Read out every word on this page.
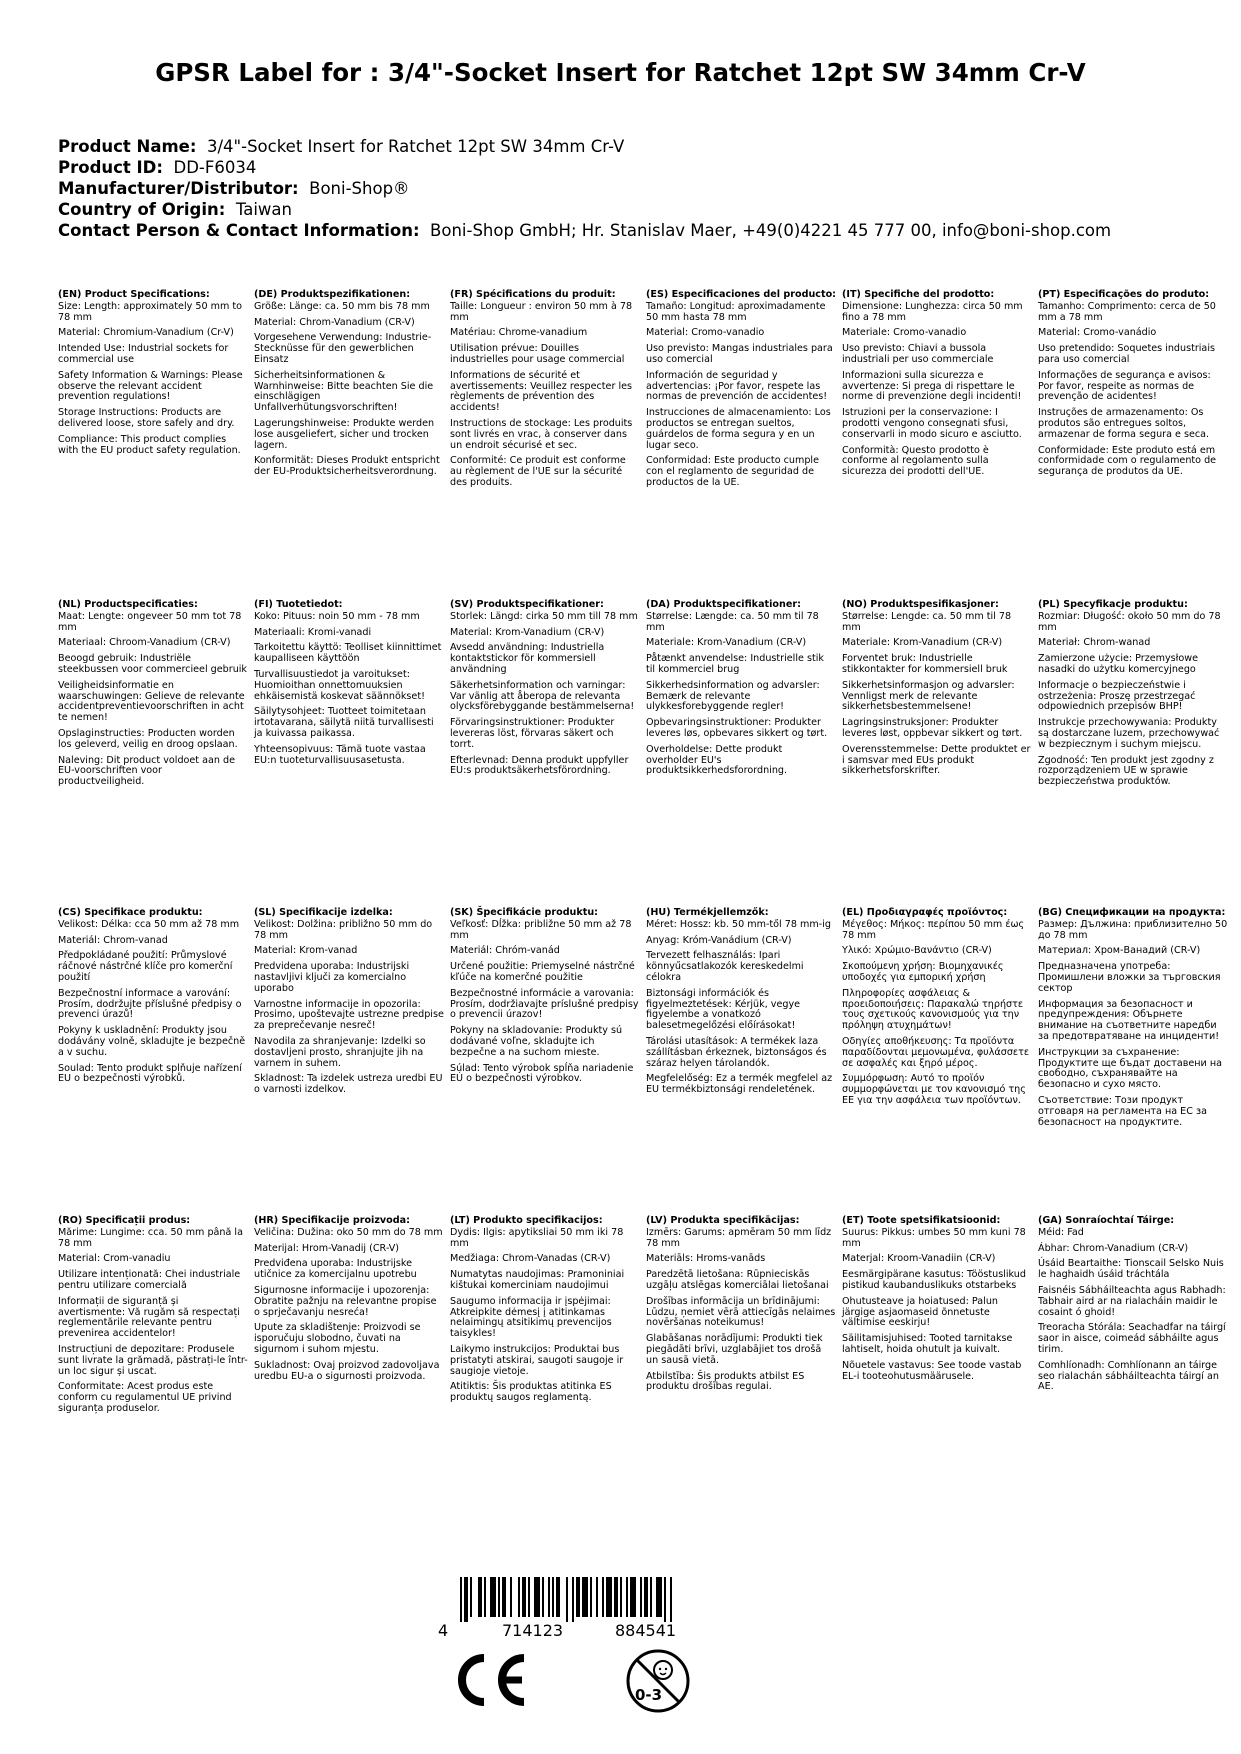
GPSR Label for : 3/4"-Socket Insert for Ratchet 12pt SW 34mm Cr-V
Product Name: 3/4"-Socket Insert for Ratchet 12pt SW 34mm Cr-V
Product ID: DD-F6034
Manufacturer/Distributor: Boni-Shop®
Country of Origin: Taiwan
Contact Person & Contact Information: Boni-Shop GmbH; Hr. Stanislav Maer, +49(0)4221 45 777 00, info@boni-shop.com
(EN) Product Specifications:

Size: Length: approximately 50 mm to 78 mm

Material: Chromium-Vanadium (Cr-V)

Intended Use: Industrial sockets for commercial use

Safety Information & Warnings: Please observe the relevant accident prevention regulations!

Storage Instructions: Products are delivered loose, store safely and dry.

Compliance: This product complies with the EU product safety regulation.

(DE) Produktspezifikationen:

Größe: Länge: ca. 50 mm bis 78 mm

Material: Chrom-Vanadium (CR-V)

Vorgesehene Verwendung: Industrie-Stecknüsse für den gewerblichen Einsatz

Sicherheitsinformationen & Warnhinweise: Bitte beachten Sie die einschlägigen Unfallverhütungsvorschriften!

Lagerungshinweise: Produkte werden lose ausgeliefert, sicher und trocken lagern.

Konformität: Dieses Produkt entspricht der EU-Produktsicherheitsverordnung.

(FR) Spécifications du produit:

Taille: Longueur : environ 50 mm à 78 mm

Matériau: Chrome-vanadium

Utilisation prévue: Douilles industrielles pour usage commercial

Informations de sécurité et avertissements: Veuillez respecter les règlements de prévention des accidents!

Instructions de stockage: Les produits sont livrés en vrac, à conserver dans un endroit sécurisé et sec.

Conformité: Ce produit est conforme au règlement de l'UE sur la sécurité des produits.

(ES) Especificaciones del producto:

Tamaño: Longitud: aproximadamente 50 mm hasta 78 mm

Material: Cromo-vanadio

Uso previsto: Mangas industriales para uso comercial

Información de seguridad y advertencias: ¡Por favor, respete las normas de prevención de accidentes!

Instrucciones de almacenamiento: Los productos se entregan sueltos, guárdelos de forma segura y en un lugar seco.

Conformidad: Este producto cumple con el reglamento de seguridad de productos de la UE.

(IT) Specifiche del prodotto:

Dimensione: Lunghezza: circa 50 mm fino a 78 mm

Materiale: Cromo-vanadio

Uso previsto: Chiavi a bussola industriali per uso commerciale

Informazioni sulla sicurezza e avvertenze: Si prega di rispettare le norme di prevenzione degli incidenti!

Istruzioni per la conservazione: I prodotti vengono consegnati sfusi, conservarli in modo sicuro e asciutto.

Conformità: Questo prodotto è conforme al regolamento sulla sicurezza dei prodotti dell'UE.

(PT) Especificações do produto:

Tamanho: Comprimento: cerca de 50 mm a 78 mm

Material: Cromo-vanádio

Uso pretendido: Soquetes industriais para uso comercial

Informações de segurança e avisos: Por favor, respeite as normas de prevenção de acidentes!

Instruções de armazenamento: Os produtos são entregues soltos, armazenar de forma segura e seca.

Conformidade: Este produto está em conformidade com o regulamento de segurança de produtos da UE.

(NL) Productspecificaties:

Maat: Lengte: ongeveer 50 mm tot 78 mm

Materiaal: Chroom-Vanadium (CR-V)

Beoogd gebruik: Industriële steekbussen voor commercieel gebruik

Veiligheidsinformatie en waarschuwingen: Gelieve de relevante accidentpreventievoorschriften in acht te nemen!

Opslaginstructies: Producten worden los geleverd, veilig en droog opslaan.

Naleving: Dit product voldoet aan de EU-voorschriften voor productveiligheid.

(FI) Tuotetiedot:

Koko: Pituus: noin 50 mm - 78 mm

Materiaali: Kromi-vanadi

Tarkoitettu käyttö: Teolliset kiinnittimet kaupalliseen käyttöön

Turvallisuustiedot ja varoitukset: Huomioithan onnettomuuksien ehkäisemistä koskevat säännökset!

Säilytysohjeet: Tuotteet toimitetaan irtotavarana, säilytä niitä turvallisesti ja kuivassa paikassa.

Yhteensopivuus: Tämä tuote vastaa EU:n tuoteturvallisuusasetusta.

(SV) Produktspecifikationer:

Storlek: Längd: cirka 50 mm till 78 mm

Material: Krom-Vanadium (CR-V)

Avsedd användning: Industriella kontaktstickor för kommersiell användning

Säkerhetsinformation och varningar: Var vänlig att åberopa de relevanta olycksförebyggande bestämmelserna!

Förvaringsinstruktioner: Produkter levereras löst, förvaras säkert och torrt.

Efterlevnad: Denna produkt uppfyller EU:s produktsäkerhetsförordning.

(DA) Produktspecifikationer:

Størrelse: Længde: ca. 50 mm til 78 mm

Materiale: Krom-Vanadium (CR-V)

Påtænkt anvendelse: Industrielle stik til kommerciel brug

Sikkerhedsinformation og advarsler: Bemærk de relevante ulykkesforebyggende regler!

Opbevaringsinstruktioner: Produkter leveres løs, opbevares sikkert og tørt.

Overholdelse: Dette produkt overholder EU's produktsikkerhedsforordning.

(NO) Produktspesifikasjoner:

Størrelse: Lengde: ca. 50 mm til 78 mm

Materiale: Krom-Vanadium (CR-V)

Forventet bruk: Industrielle stikkontakter for kommersiell bruk

Sikkerhetsinformasjon og advarsler: Vennligst merk de relevante sikkerhetsbestemmelsene!

Lagringsinstruksjoner: Produkter leveres løst, oppbevar sikkert og tørt.

Overensstemmelse: Dette produktet er i samsvar med EUs produkt sikkerhetsforskrifter.

(PL) Specyfikacje produktu:

Rozmiar: Długość: około 50 mm do 78 mm

Materiał: Chrom-wanad

Zamierzone użycie: Przemysłowe nasadki do użytku komercyjnego

Informacje o bezpieczeństwie i ostrzeżenia: Proszę przestrzegać odpowiednich przepisów BHP!

Instrukcje przechowywania: Produkty są dostarczane luzem, przechowywać w bezpiecznym i suchym miejscu.

Zgodność: Ten produkt jest zgodny z rozporządzeniem UE w sprawie bezpieczeństwa produktów.

(CS) Specifikace produktu:

Velikost: Délka: cca 50 mm až 78 mm

Materiál: Chrom-vanad

Předpokládané použití: Průmyslové ráčnové nástrčné klíče pro komerční použití

Bezpečnostní informace a varování: Prosím, dodržujte příslušné předpisy o prevenci úrazů!

Pokyny k uskladnění: Produkty jsou dodávány volně, skladujte je bezpečně a v suchu.

Soulad: Tento produkt splňuje nařízení EU o bezpečnosti výrobků.

(SL) Specifikacije izdelka:

Velikost: Dolžina: približno 50 mm do 78 mm

Material: Krom-vanad

Predvidena uporaba: Industrijski nastavljivi ključi za komercialno uporabo

Varnostne informacije in opozorila: Prosimo, upoštevajte ustrezne predpise za preprečevanje nesreč!

Navodila za shranjevanje: Izdelki so dostavljeni prosto, shranjujte jih na varnem in suhem.

Skladnost: Ta izdelek ustreza uredbi EU o varnosti izdelkov.

(SK) Špecifikácie produktu:

Veľkosť: Dĺžka: približne 50 mm až 78 mm

Materiál: Chróm-vanád

Určené použitie: Priemyselné nástrčné kľúče na komerčné použitie

Bezpečnostné informácie a varovania: Prosím, dodržiavajte príslušné predpisy o prevencii úrazov!

Pokyny na skladovanie: Produkty sú dodávané voľne, skladujte ich bezpečne a na suchom mieste.

Súlad: Tento výrobok spĺňa nariadenie EÚ o bezpečnosti výrobkov.

(HU) Termékjellemzők:

Méret: Hossz: kb. 50 mm-től 78 mm-ig

Anyag: Króm-Vanádium (CR-V)

Tervezett felhasználás: Ipari könnyűcsatlakozók kereskedelmi célokra

Biztonsági információk és figyelmeztetések: Kérjük, vegye figyelembe a vonatkozó balesetmegelőzési előírásokat!

Tárolási utasítások: A termékek laza szállításban érkeznek, biztonságos és száraz helyen tárolandók.

Megfelelőség: Ez a termék megfelel az EU termékbiztonsági rendeletének.

(EL) Προδιαγραφές προϊόντος:

Μέγεθος: Μήκος: περίπου 50 mm έως 78 mm

Υλικό: Χρώμιο-Βανάντιο (CR-V)

Σκοπούμενη χρήση: Βιομηχανικές υποδοχές για εμπορική χρήση

Πληροφορίες ασφάλειας & προειδοποιήσεις: Παρακαλώ τηρήστε τους σχετικούς κανονισμούς για την πρόληψη ατυχημάτων!

Οδηγίες αποθήκευσης: Τα προϊόντα παραδίδονται μεμονωμένα, φυλάσσετε σε ασφαλές και ξηρό μέρος.

Συμμόρφωση: Αυτό το προϊόν συμμορφώνεται με τον κανονισμό της ΕΕ για την ασφάλεια των προϊόντων.

(BG) Спецификации на продукта:

Размер: Дължина: приблизително 50 до 78 mm

Материал: Хром-Ванадий (CR-V)

Предназначена употреба: Промишлени вложки за търговския сектор

Информация за безопасност и предупреждения: Обърнете внимание на съответните наредби за предотвратяване на инциденти!

Инструкции за съхранение: Продуктите ще бъдат доставени на свободно, съхранявайте на безопасно и сухо място.

Съответствие: Този продукт отговаря на регламента на ЕС за безопасност на продуктите.

(RO) Specificații produs:

Mărime: Lungime: cca. 50 mm până la 78 mm

Material: Crom-vanadiu

Utilizare intenționată: Chei industriale pentru utilizare comercială

Informații de siguranță și avertismente: Vă rugăm să respectați reglementările relevante pentru prevenirea accidentelor!

Instrucțiuni de depozitare: Produsele sunt livrate la grămadă, păstrați-le într-un loc sigur și uscat.

Conformitate: Acest produs este conform cu regulamentul UE privind siguranța produselor.

(HR) Specifikacije proizvoda:

Veličina: Dužina: oko 50 mm do 78 mm

Materijal: Hrom-Vanadij (CR-V)

Predviđena uporaba: Industrijske utičnice za komercijalnu upotrebu

Sigurnosne informacije i upozorenja: Obratite pažnju na relevantne propise o sprječavanju nesreća!

Upute za skladištenje: Proizvodi se isporučuju slobodno, čuvati na sigurnom i suhom mjestu.

Sukladnost: Ovaj proizvod zadovoljava uredbu EU-a o sigurnosti proizvoda.

(LT) Produkto specifikacijos:

Dydis: Ilgis: apytiksliai 50 mm iki 78 mm

Medžiaga: Chrom-Vanadas (CR-V)

Numatytas naudojimas: Pramoniniai kištukai komerciniam naudojimui

Saugumo informacija ir įspėjimai: Atkreipkite dėmesį į atitinkamas nelaimingų atsitikimų prevencijos taisykles!

Laikymo instrukcijos: Produktai bus pristatyti atskirai, saugoti saugoje ir saugioje vietoje.

Atitiktis: Šis produktas atitinka ES produktų saugos reglamentą.

(LV) Produkta specifikācijas:

Izmērs: Garums: apmēram 50 mm līdz 78 mm

Materiāls: Hroms-vanāds

Paredzētā lietošana: Rūpnieciskās uzgāļu atslēgas komerciālai lietošanai

Drošības informācija un brīdinājumi: Lūdzu, ņemiet vērā attiecīgās nelaimes novēršanas noteikumus!

Glabāšanas norādījumi: Produkti tiek piegādāti brīvi, uzglabājiet tos drošā un sausā vietā.

Atbilstība: Šis produkts atbilst ES produktu drošības regulai.

(ET) Toote spetsifikatsioonid:

Suurus: Pikkus: umbes 50 mm kuni 78 mm

Materjal: Kroom-Vanadiin (CR-V)

Eesmärgipärane kasutus: Tööstuslikud pistikud kaubanduslikuks otstarbeks

Ohutusteave ja hoiatused: Palun järgige asjaomaseid õnnetuste vältimise eeskirju!

Säilitamisjuhised: Tooted tarnitakse lahtiselt, hoida ohutult ja kuivalt.

Nõuetele vastavus: See toode vastab EL-i tooteohutusmäärusele.

(GA) Sonraíochtaí Táirge:

Méid: Fad

Ábhar: Chrom-Vanadium (CR-V)

Úsáid Beartaithe: Tionscail Selsko Nuis le haghaidh úsáid tráchtála

Faisnéis Sábháilteachta agus Rabhadh: Tabhair aird ar na rialacháin maidir le cosaint ó ghoid!

Treoracha Stórála: Seachadfar na táirgí saor in aisce, coimeád sábháilte agus tirim.

Comhlíonadh: Comhlíonann an táirge seo rialachán sábháilteachta táirgí an AE.

4	714123	884541
0-3
